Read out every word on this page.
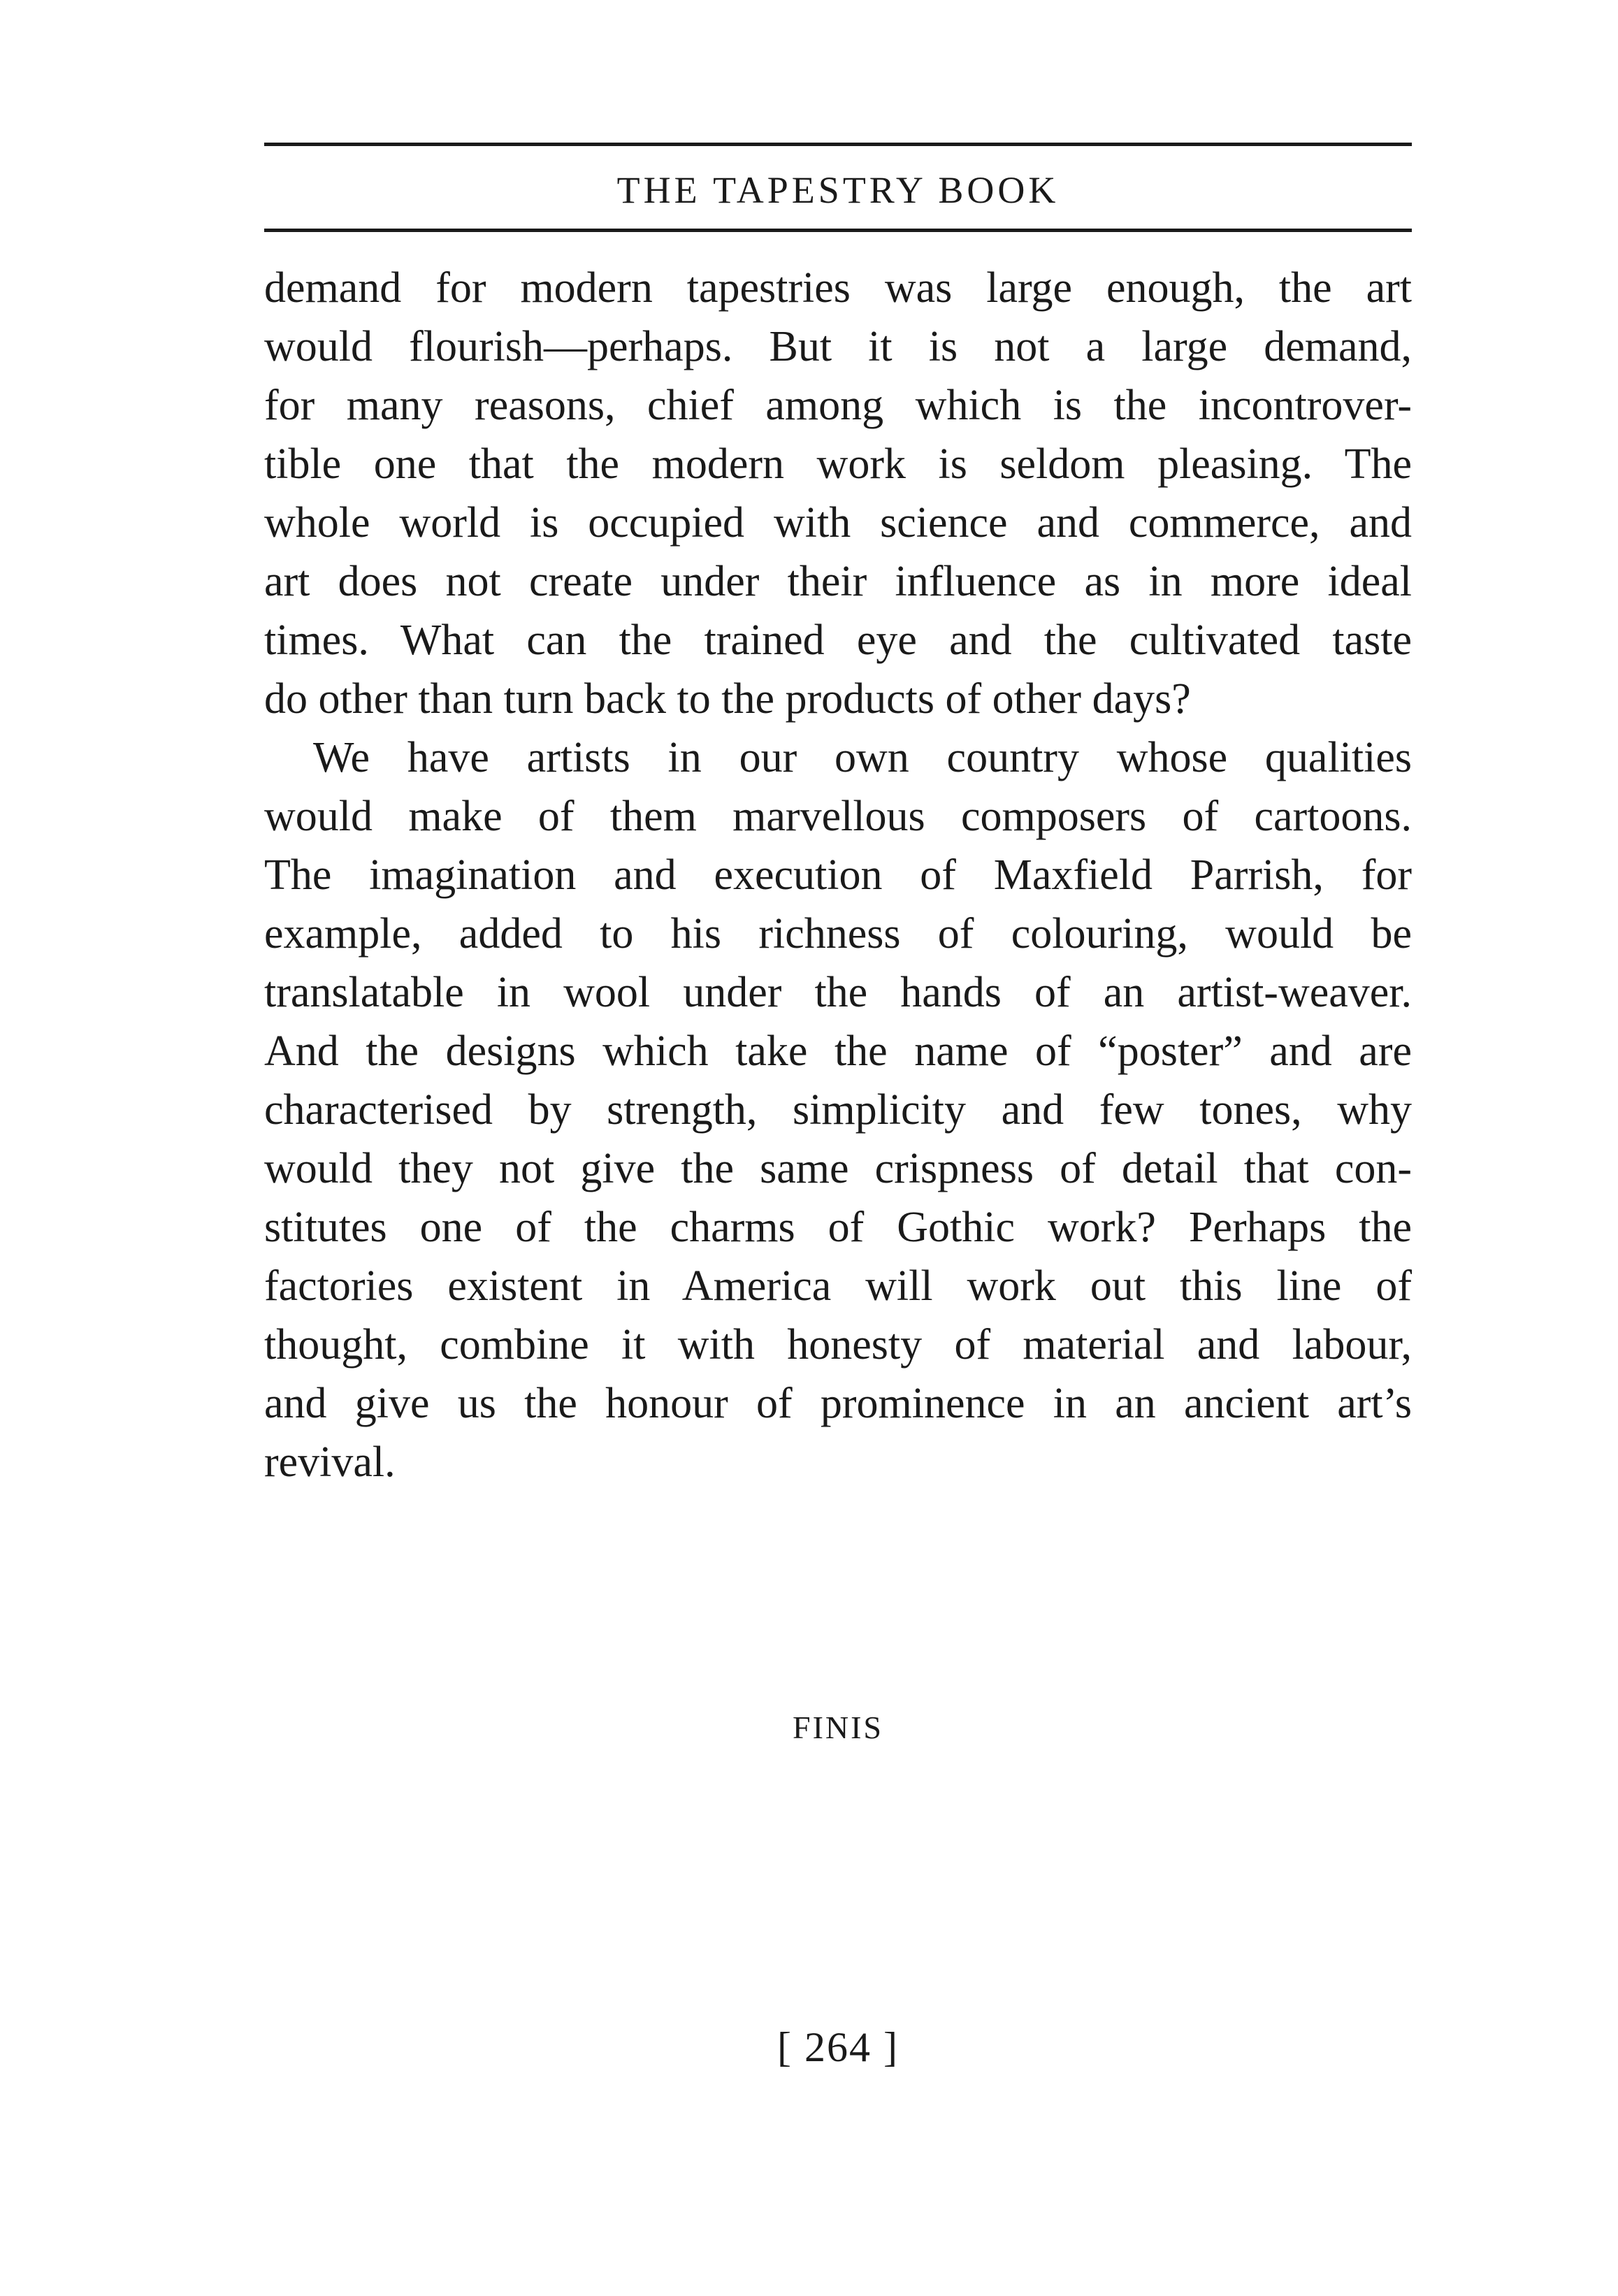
THE TAPESTRY BOOK
demand for modern tapestries was large enough, the art
would flourish—perhaps. But it is not a large demand,
for many reasons, chief among which is the incontrover-
tible one that the modern work is seldom pleasing. The
whole world is occupied with science and commerce, and
art does not create under their influence as in more ideal
times. What can the trained eye and the cultivated taste
do other than turn back to the products of other days?
We have artists in our own country whose qualities
would make of them marvellous composers of cartoons.
The imagination and execution of Maxfield Parrish, for
example, added to his richness of colouring, would be
translatable in wool under the hands of an artist-weaver.
And the designs which take the name of “poster” and are
characterised by strength, simplicity and few tones, why
would they not give the same crispness of detail that con-
stitutes one of the charms of Gothic work? Perhaps the
factories existent in America will work out this line of
thought, combine it with honesty of material and labour,
and give us the honour of prominence in an ancient art’s
revival.
FINIS
[ 264 ]
